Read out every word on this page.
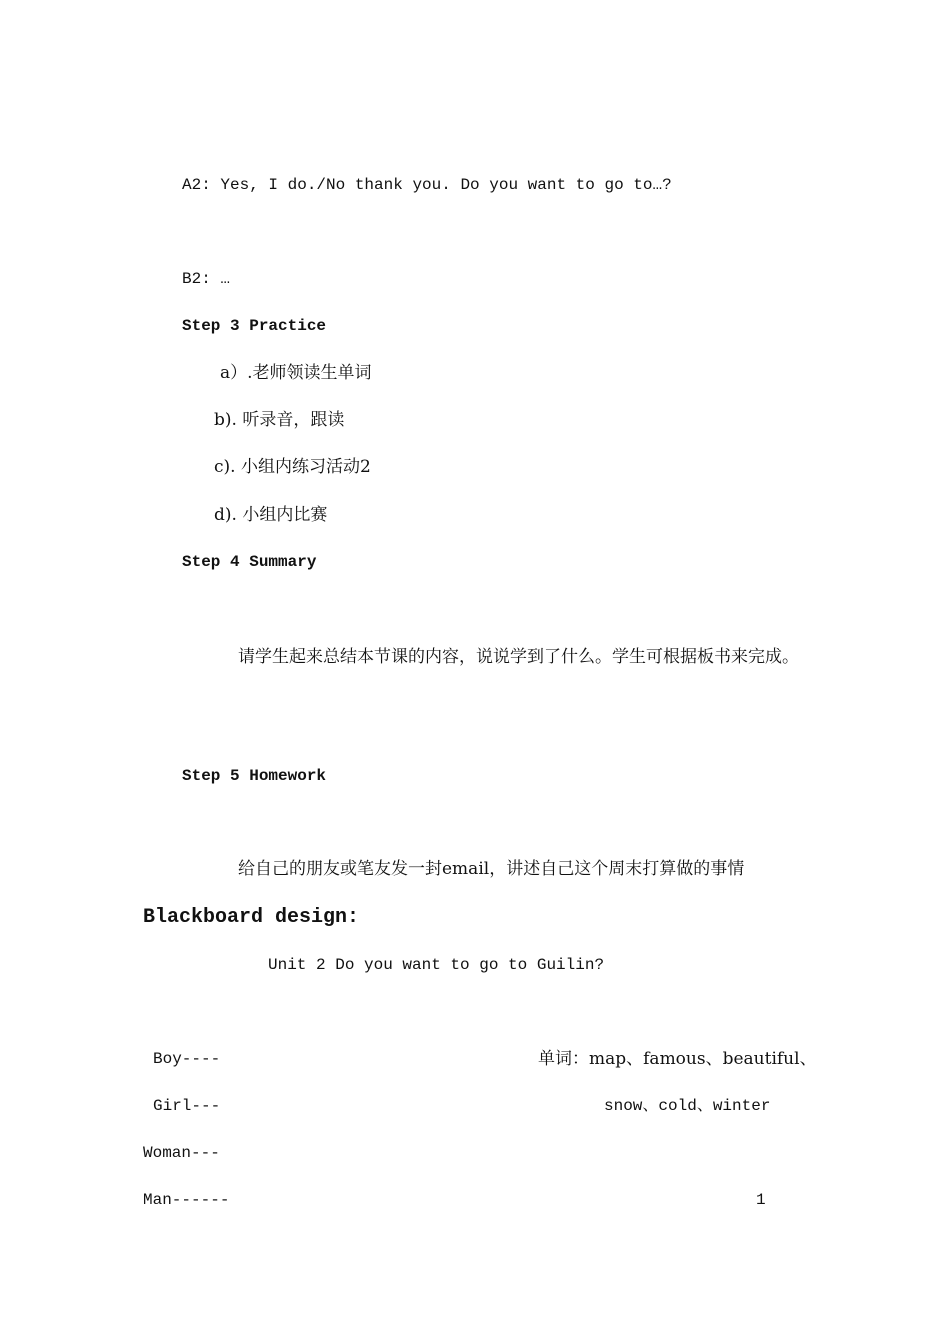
A2: Yes, I do./No thank you. Do you want to go to…?
B2: …
Step 3 Practice
a）.老师领读生单词
b). 听录音，跟读
c). 小组内练习活动2
d). 小组内比赛
Step 4 Summary
请学生起来总结本节课的内容，说说学到了什么。学生可根据板书来完成。
Step 5 Homework
给自己的朋友或笔友发一封email，讲述自己这个周末打算做的事情
Blackboard design:
Unit 2 Do you want to go to Guilin?
Boy----
Girl---
Woman---
Man------
单词：map、famous、beautiful、
snow、cold、winter
1
